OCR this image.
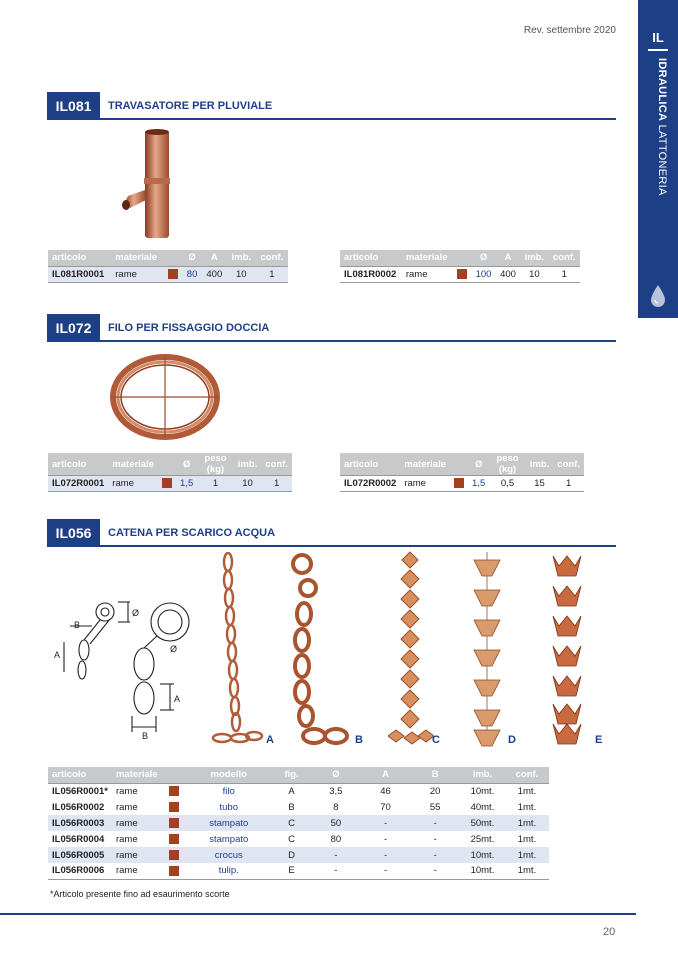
Rev. settembre 2020	IL
IDRAULICA LATTONERIA
IL081	TRAVASATORE PER PLUVIALE
articolo	materiale		Ø	A	imb.	conf.
IL081R0001	rame		80	400	10	1
articolo	materiale		Ø	A	imb.	conf.
IL081R0002	rame		100	400	10	1
IL072	FILO PER FISSAGGIO DOCCIA
articolo	materiale		Ø	peso (kg)	imb.	conf.
IL072R0001	rame		1,5	1	10	1
articolo	materiale		Ø	peso (kg)	imb.	conf.
IL072R0002	rame		1,5	0,5	15	1
IL056	CATENA PER SCARICO ACQUA
B
A
Ø
Ø
A
B	A	B	C	D	E
articolo	materiale		modello	fig.	Ø	A	B	imb.	conf.
IL056R0001*	rame		filo	A	3,5	46	20	10mt.	1mt.
IL056R0002	rame		tubo	B	8	70	55	40mt.	1mt.
IL056R0003	rame		stampato	C	50	-	-	50mt.	1mt.
IL056R0004	rame		stampato	C	80	-	-	25mt.	1mt.
IL056R0005	rame		crocus	D	-	-	-	10mt.	1mt.
IL056R0006	rame		tulip.	E	-	-	-	10mt.	1mt.
*Articolo presente fino ad esaurimento scorte
20
